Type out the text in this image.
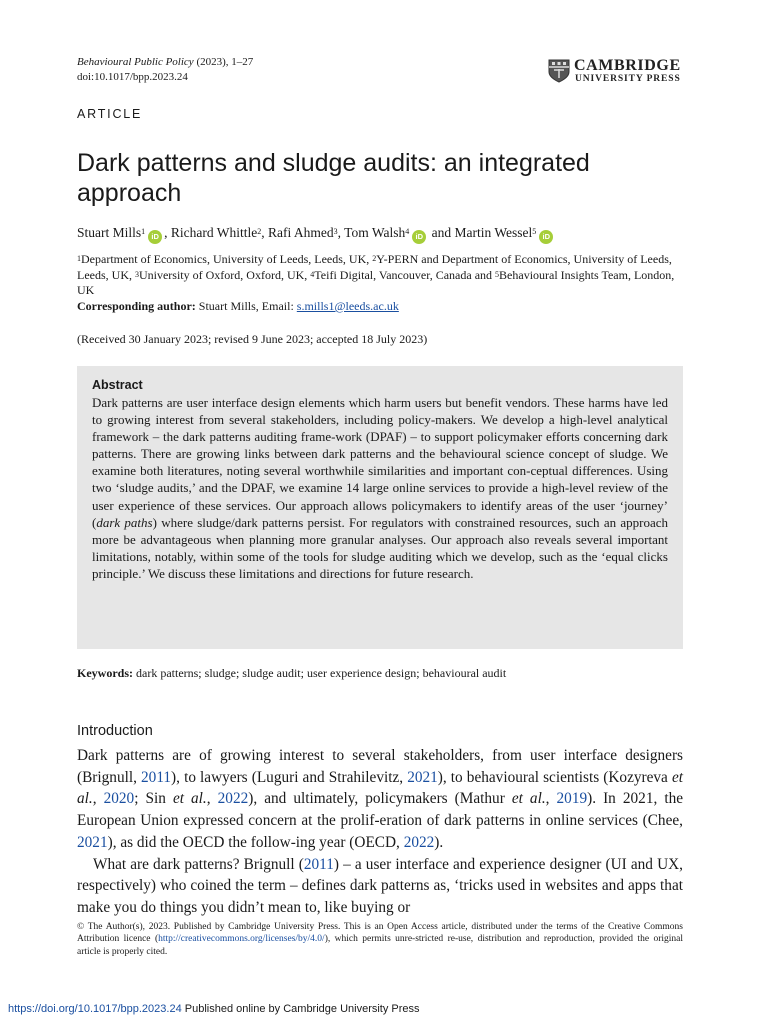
Behavioural Public Policy (2023), 1–27
doi:10.1017/bpp.2023.24
CAMBRIDGE
UNIVERSITY PRESS
ARTICLE
Dark patterns and sludge audits: an integrated approach
Stuart Mills$^1$iD , Richard Whittle$^2$, Rafi Ahmed$^3$, Tom Walsh$^4$iD and Martin Wessel$^5$iD
$^1$Department of Economics, University of Leeds, Leeds, UK, $^2$Y-PERN and Department of Economics, University of Leeds, Leeds, UK, $^3$University of Oxford, Oxford, UK, $^4$Teifi Digital, Vancouver, Canada and $^5$Behavioural Insights Team, London, UK
Corresponding author: Stuart Mills, Email: s.mills1@leeds.ac.uk
(Received 30 January 2023; revised 9 June 2023; accepted 18 July 2023)
Abstract
Dark patterns are user interface design elements which harm users but benefit vendors. These harms have led to growing interest from several stakeholders, including policy-makers. We develop a high-level analytical framework – the dark patterns auditing frame-work (DPAF) – to support policymaker efforts concerning dark patterns. There are growing links between dark patterns and the behavioural science concept of sludge. We examine both literatures, noting several worthwhile similarities and important con-ceptual differences. Using two ‘sludge audits,’ and the DPAF, we examine 14 large online services to provide a high-level review of the user experience of these services. Our approach allows policymakers to identify areas of the user ‘journey’ (dark paths) where sludge/dark patterns persist. For regulators with constrained resources, such an approach more be advantageous when planning more granular analyses. Our approach also reveals several important limitations, notably, within some of the tools for sludge auditing which we develop, such as the ‘equal clicks principle.’ We discuss these limitations and directions for future research.
Keywords: dark patterns; sludge; sludge audit; user experience design; behavioural audit
Introduction

Dark patterns are of growing interest to several stakeholders, from user interface designers (Brignull, 2011), to lawyers (Luguri and Strahilevitz, 2021), to behavioural scientists (Kozyreva et al., 2020; Sin et al., 2022), and ultimately, policymakers (Mathur et al., 2019). In 2021, the European Union expressed concern at the prolif-eration of dark patterns in online services (Chee, 2021), as did the OECD the follow-ing year (OECD, 2022).

What are dark patterns? Brignull (2011) – a user interface and experience designer (UI and UX, respectively) who coined the term – defines dark patterns as, ‘tricks used in websites and apps that make you do things you didn’t mean to, like buying or

© The Author(s), 2023. Published by Cambridge University Press. This is an Open Access article, distributed under the terms of the Creative Commons Attribution licence (http://creativecommons.org/licenses/by/4.0/), which permits unre-stricted re-use, distribution and reproduction, provided the original article is properly cited.
https://doi.org/10.1017/bpp.2023.24 Published online by Cambridge University Press
